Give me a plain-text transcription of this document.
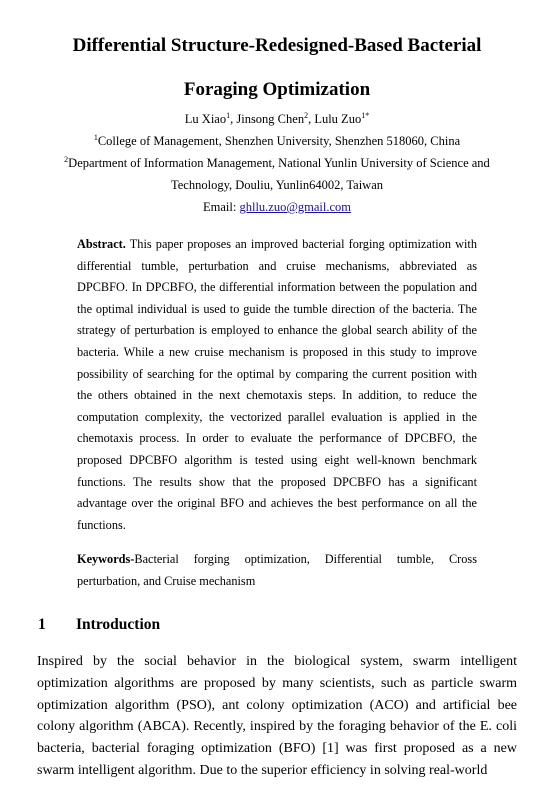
Differential Structure-Redesigned-Based Bacterial
Foraging Optimization
Lu Xiao$^1$, Jinsong Chen$^2$, Lulu Zuo$^{1*}$
$^1$College of Management, Shenzhen University, Shenzhen 518060, China
$^2$Department of Information Management, National Yunlin University of Science and
Technology, Douliu, Yunlin64002, Taiwan
Email: ghllu.zuo@gmail.com

Abstract. This paper proposes an improved bacterial forging optimization with differential tumble, perturbation and cruise mechanisms, abbreviated as DPCBFO. In DPCBFO, the differential information between the population and the optimal individual is used to guide the tumble direction of the bacteria. The strategy of perturbation is employed to enhance the global search ability of the bacteria. While a new cruise mechanism is proposed in this study to improve possibility of searching for the optimal by comparing the current position with the others obtained in the next chemotaxis steps. In addition, to reduce the computation complexity, the vectorized parallel evaluation is applied in the chemotaxis process. In order to evaluate the performance of DPCBFO, the proposed DPCBFO algorithm is tested using eight well-known benchmark functions. The results show that the proposed DPCBFO has a significant advantage over the original BFO and achieves the best performance on all the functions.

Keywords-Bacterial forging optimization, Differential tumble, Cross perturbation, and Cruise mechanism

1 Introduction

Inspired by the social behavior in the biological system, swarm intelligent optimization algorithms are proposed by many scientists, such as particle swarm optimization algorithm (PSO), ant colony optimization (ACO) and artificial bee colony algorithm (ABCA). Recently, inspired by the foraging behavior of the E. coli bacteria, bacterial foraging optimization (BFO) [1] was first proposed as a new swarm intelligent algorithm. Due to the superior efficiency in solving real-world
